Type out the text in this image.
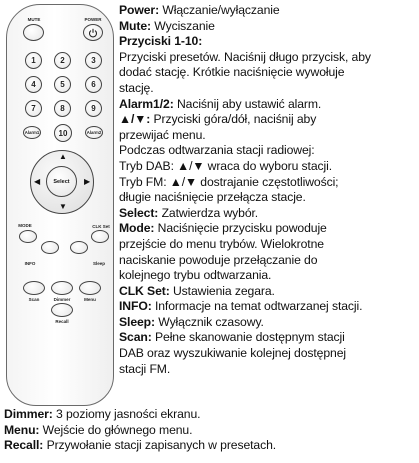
MUTE	POWER
1	2	3
4	5	6
7	8	9
Alarm1	10	Alarm2
▲
▼
◀	▶
Select
MODE	CLK Set
INFO	Sleep
Scan	Dimmer	Menu
Recall
Power: Włączanie/wyłączanie
Mute: Wyciszanie
Przyciski 1-10:
Przyciski presetów. Naciśnij długo przycisk, aby
dodać stację. Krótkie naciśnięcie wywołuje
stację.
Alarm1/2: Naciśnij aby ustawić alarm.
▲/▼: Przyciski góra/dół, naciśnij aby
przewijać menu.
Podczas odtwarzania stacji radiowej:
Tryb DAB: ▲/▼ wraca do wyboru stacji.
Tryb FM: ▲/▼ dostrajanie częstotliwości;
długie naciśnięcie przełącza stacje.
Select: Zatwierdza wybór.
Mode: Naciśnięcie przycisku powoduje
przejście do menu trybów. Wielokrotne
naciskanie powoduje przełączanie do
kolejnego trybu odtwarzania.
CLK Set: Ustawienia zegara.
INFO: Informacje na temat odtwarzanej stacji.
Sleep: Wyłącznik czasowy.
Scan: Pełne skanowanie dostępnym stacji
DAB oraz wyszukiwanie kolejnej dostępnej
stacji FM.
Dimmer: 3 poziomy jasności ekranu.
Menu: Wejście do głównego menu.
Recall: Przywołanie stacji zapisanych w presetach.
